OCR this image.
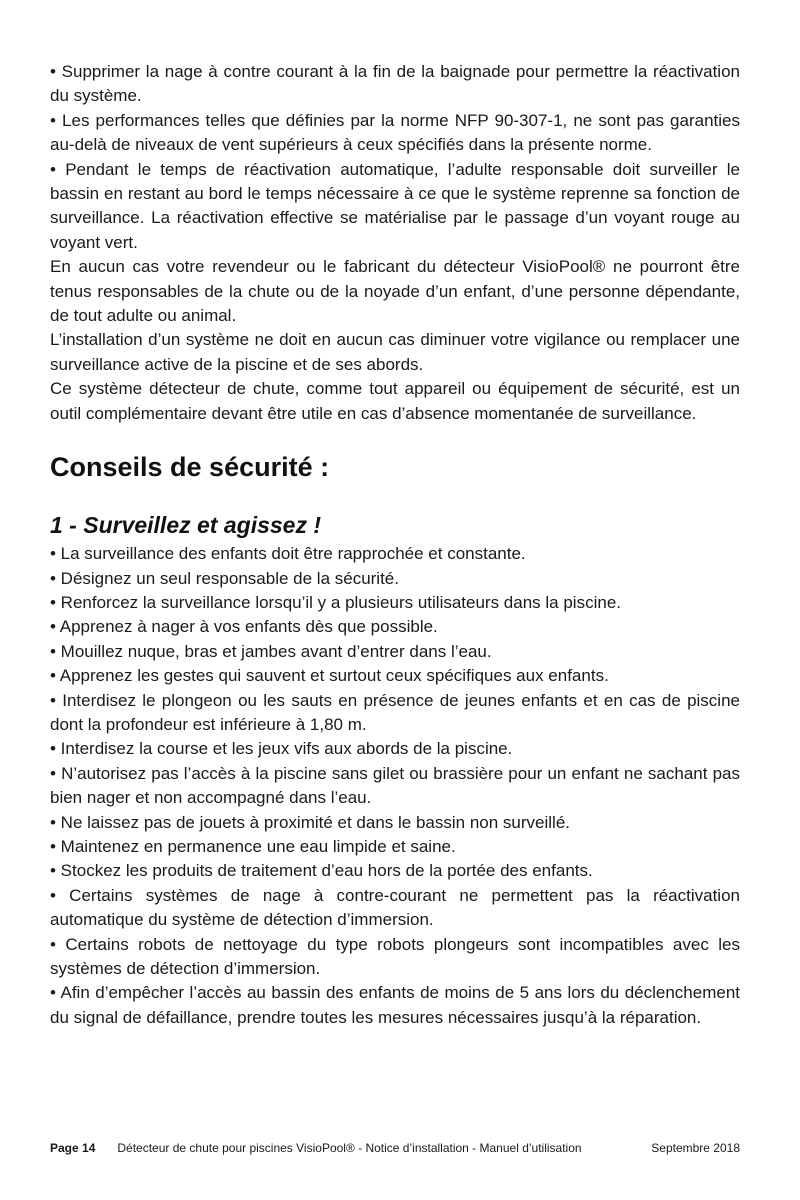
• Supprimer la nage à contre courant à la fin de la baignade pour permettre la réactivation du système.

• Les performances telles que définies par la norme NFP 90-307-1, ne sont pas garanties au-delà de niveaux de vent supérieurs à ceux spécifiés dans la présente norme.

• Pendant le temps de réactivation automatique, l’adulte responsable doit surveiller le bassin en restant au bord le temps nécessaire à ce que le système reprenne sa fonction de surveillance. La réactivation effective se matérialise par le passage d’un voyant rouge au voyant vert.

En aucun cas votre revendeur ou le fabricant du détecteur VisioPool® ne pourront être tenus responsables de la chute ou de la noyade d’un enfant, d’une personne dépendante, de tout adulte ou animal.

L’installation d’un système ne doit en aucun cas diminuer votre vigilance ou remplacer une surveillance active de la piscine et de ses abords.

Ce système détecteur de chute, comme tout appareil ou équipement de sécurité, est un outil complémentaire devant être utile en cas d’absence momentanée de surveillance.

Conseils de sécurité :
1 - Surveillez et agissez !

• La surveillance des enfants doit être rapprochée et constante.

• Désignez un seul responsable de la sécurité.

• Renforcez la surveillance lorsqu’il y a plusieurs utilisateurs dans la piscine.

• Apprenez à nager à vos enfants dès que possible.

• Mouillez nuque, bras et jambes avant d’entrer dans l’eau.

• Apprenez les gestes qui sauvent et surtout ceux spécifiques aux enfants.

• Interdisez le plongeon ou les sauts en présence de jeunes enfants et en cas de piscine dont la profondeur est inférieure à 1,80 m.

• Interdisez la course et les jeux vifs aux abords de la piscine.

• N’autorisez pas l’accès à la piscine sans gilet ou brassière pour un enfant ne sachant pas bien nager et non accompagné dans l’eau.

• Ne laissez pas de jouets à proximité et dans le bassin non surveillé.

• Maintenez en permanence une eau limpide et saine.

• Stockez les produits de traitement d’eau hors de la portée des enfants.

• Certains systèmes de nage à contre-courant ne permettent pas la réactivation automatique du système de détection d’immersion.

• Certains robots de nettoyage du type robots plongeurs sont incompatibles avec les systèmes de détection d’immersion.

• Afin d’empêcher l’accès au bassin des enfants de moins de 5 ans lors du déclenchement du signal de défaillance, prendre toutes les mesures nécessaires jusqu’à la réparation.

Page 14 Détecteur de chute pour piscines VisioPool® - Notice d’installation - Manuel d’utilisation	Septembre 2018
